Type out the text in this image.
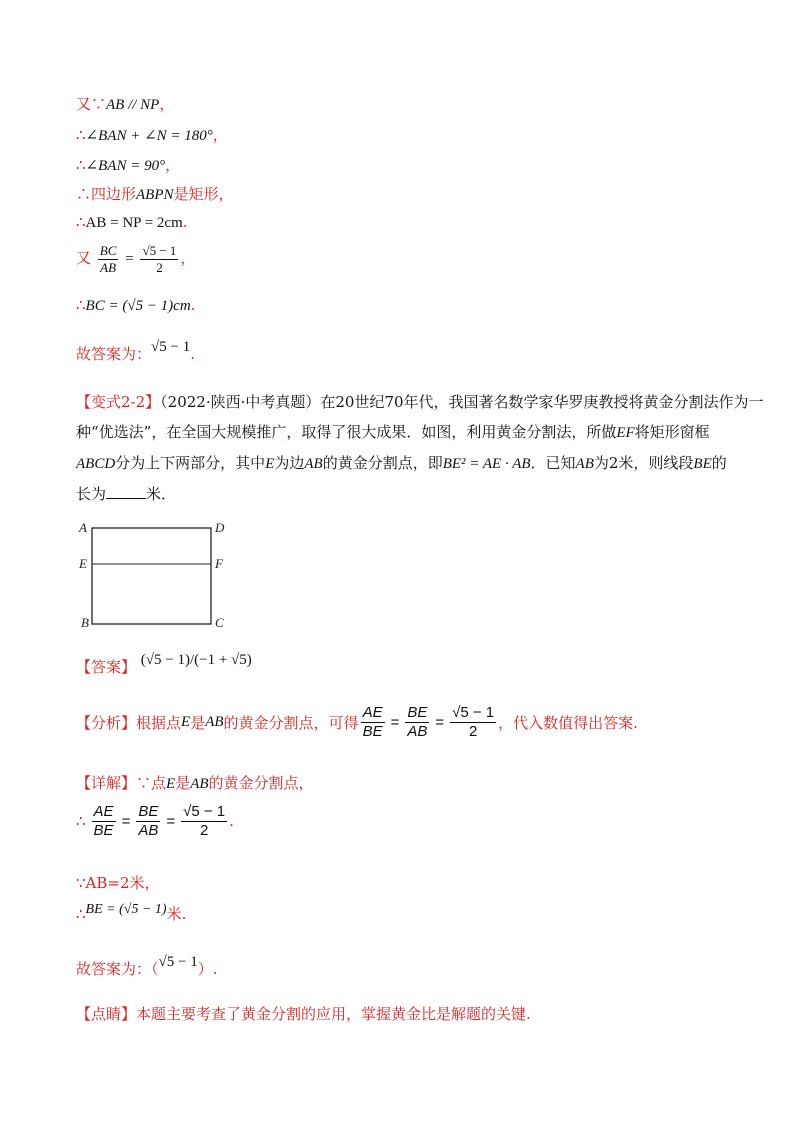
又∵AB // NP，
∴∠BAN + ∠N = 180°，
∴∠BAN = 90°，
∴四边形ABPN是矩形，
∴AB = NP = 2cm.
又 $\frac{BC}{AB} = \frac{√5 - 1}{2}$ ，
∴BC = (√5 − 1)cm.
故答案为：√5 − 1.
【变式2-2】（2022·陕西·中考真题）在20世纪70年代，我国著名数学家华罗庚教授将黄金分割法作为一
种“优选法”，在全国大规模推广，取得了很大成果．如图，利用黄金分割法，所做EF将矩形窗框
ABCD分为上下两部分，其中E为边AB的黄金分割点，即BE² = AE · AB．已知AB为2米，则线段BE的
长为	米．
A	D
E	F
B	C
【答案】 (√5 − 1)/(−1 + √5)
【分析】 根据点 E 是 AB 的黄金分割点，可得 $\frac{AE}{BE} = \frac{BE}{AB} = \frac{√5 - 1}{2}$ ，代入数值得出答案.
【详解】∵点E是AB的黄金分割点，
∴ $\frac{AE}{BE} = \frac{BE}{AB} = \frac{√5 - 1}{2}$ .
∵AB=2米，
∴BE = (√5 − 1)米.
故答案为：（√5 − 1）.
【点睛】本题主要考查了黄金分割的应用，掌握黄金比是解题的关键.
